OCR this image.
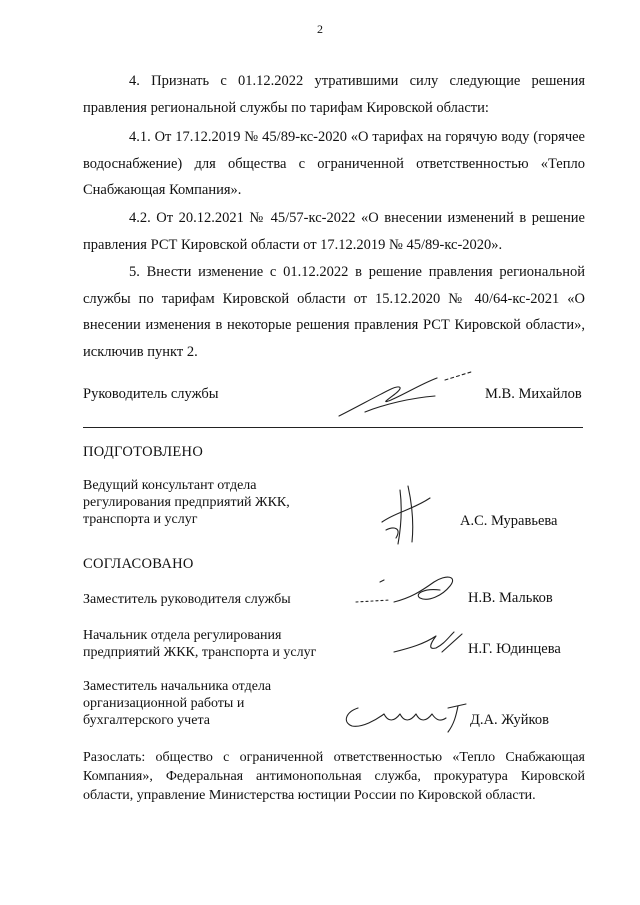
2

4. Признать с 01.12.2022 утратившими силу следующие решения правления региональной службы по тарифам Кировской области:

4.1. От 17.12.2019 № 45/89-кс-2020 «О тарифах на горячую воду (горячее водоснабжение) для общества с ограниченной ответственностью «Тепло Снабжающая Компания».

4.2. От 20.12.2021 № 45/57-кс-2022 «О внесении изменений в решение правления РСТ Кировской области от 17.12.2019 № 45/89-кс-2020».

5. Внести изменение с 01.12.2022 в решение правления региональной службы по тарифам Кировской области от 15.12.2020 № 40/64-кс-2021 «О внесении изменения в некоторые решения правления РСТ Кировской области», исключив пункт 2.

Руководитель службы	М.В. Михайлов
ПОДГОТОВЛЕНО
Ведущий консультант отдела
регулирования предприятий ЖКК,
транспорта и услуг	А.С. Муравьева
СОГЛАСОВАНО
Заместитель руководителя службы	Н.В. Мальков
Начальник отдела регулирования
предприятий ЖКК, транспорта и услуг	Н.Г. Юдинцева
Заместитель начальника отдела
организационной работы и
бухгалтерского учета	Д.А. Жуйков

Разослать: общество с ограниченной ответственностью «Тепло Снабжающая Компания», Федеральная антимонопольная служба, прокуратура Кировской области, управление Министерства юстиции России по Кировской области.
